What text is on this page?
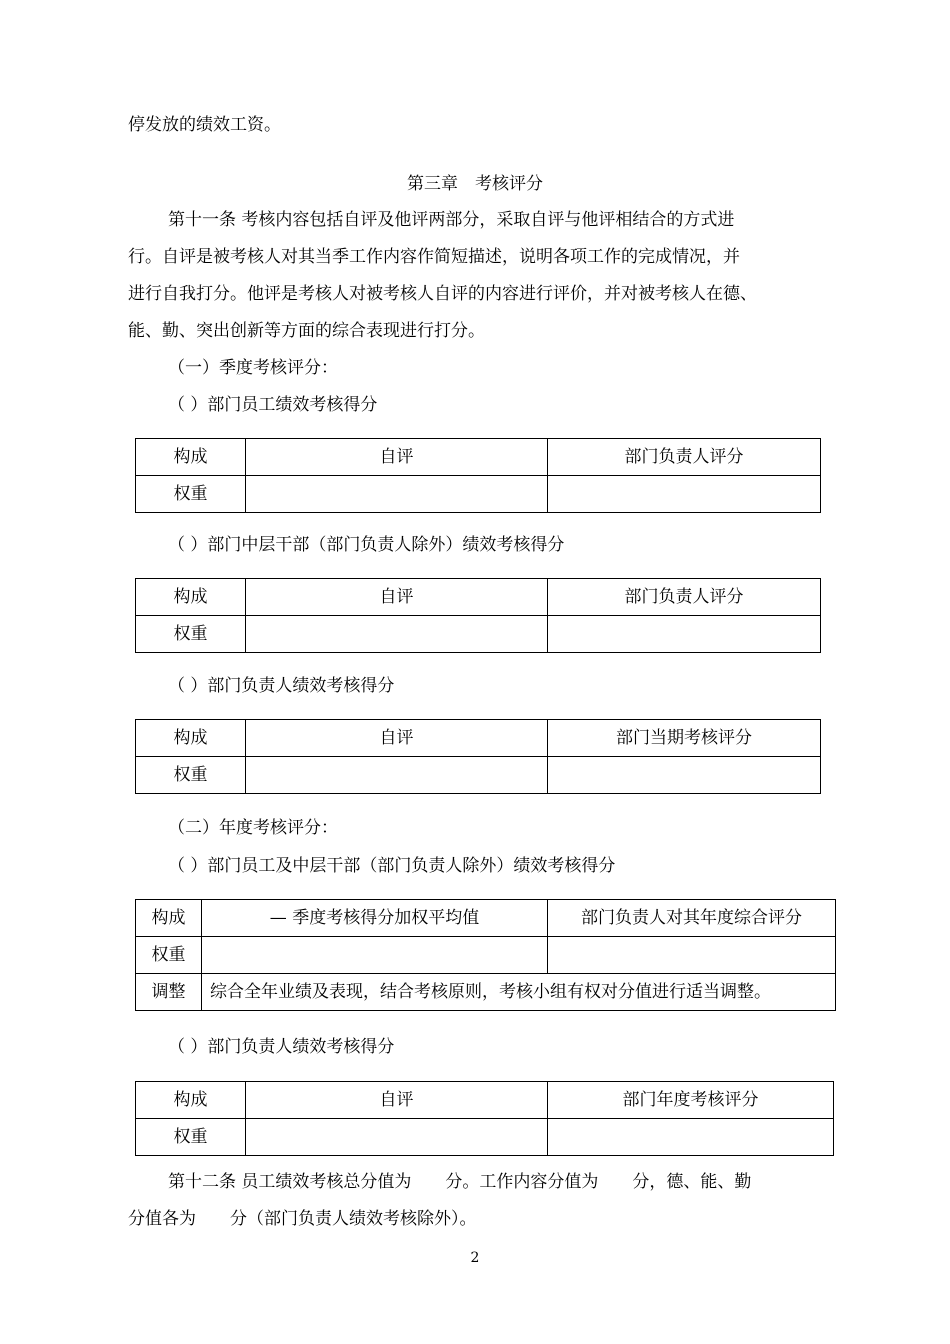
停发放的绩效工资。
第三章　考核评分
第十一条 考核内容包括自评及他评两部分，采取自评与他评相结合的方式进
行。自评是被考核人对其当季工作内容作简短描述，说明各项工作的完成情况，并
进行自我打分。他评是考核人对被考核人自评的内容进行评价，并对被考核人在德、
能、勤、突出创新等方面的综合表现进行打分。
（一）季度考核评分：
（ ）部门员工绩效考核得分
构成	自评	部门负责人评分
权重		
（ ）部门中层干部（部门负责人除外）绩效考核得分
构成	自评	部门负责人评分
权重		
（ ）部门负责人绩效考核得分
构成	自评	部门当期考核评分
权重		
（二）年度考核评分：
（ ）部门员工及中层干部（部门负责人除外）绩效考核得分
构成	— 季度考核得分加权平均值	部门负责人对其年度综合评分
权重		
调整	综合全年业绩及表现，结合考核原则，考核小组有权对分值进行适当调整。	
（ ）部门负责人绩效考核得分
构成	自评	部门年度考核评分
权重		
第十二条 员工绩效考核总分值为　　分。工作内容分值为　　分，德、能、勤
分值各为　　分（部门负责人绩效考核除外）。
2
